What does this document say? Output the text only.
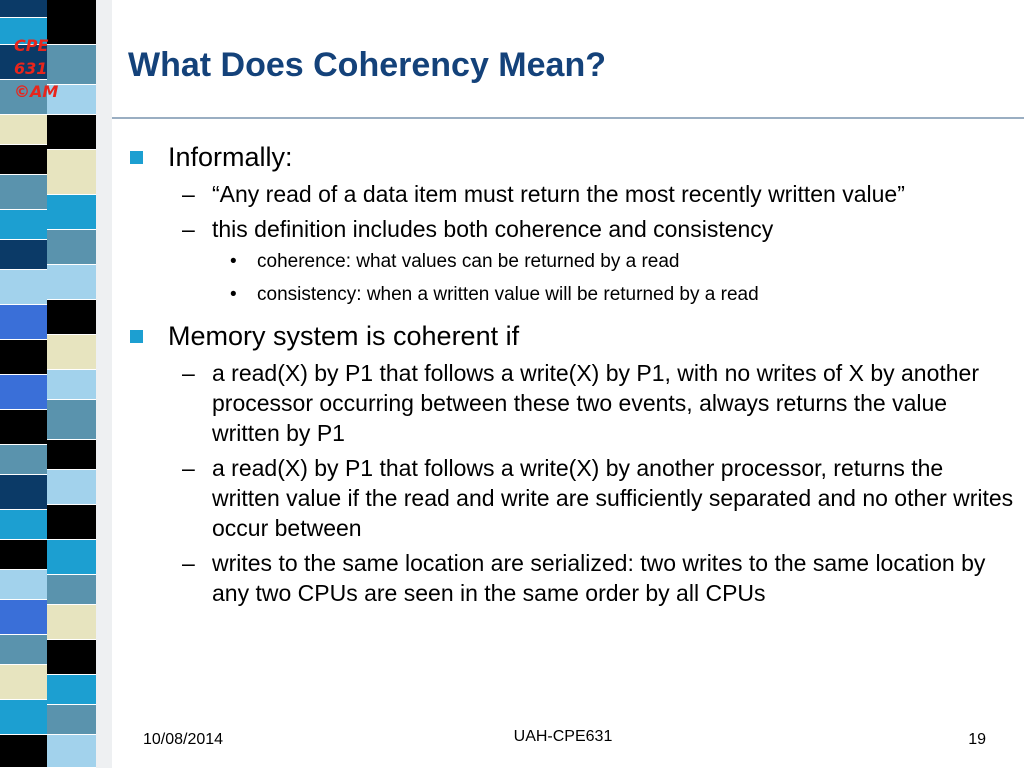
CPE
631
©AM
What Does Coherency Mean?
Informally:
– “Any read of a data item must return the most recently written value”
– this definition includes both coherence and consistency
• coherence: what values can be returned by a read
• consistency: when a written value will be returned by a read
Memory system is coherent if
– a read(X) by P1 that follows a write(X) by P1, with no writes of X by another processor occurring between these two events, always returns the value written by P1
– a read(X) by P1 that follows a write(X) by another processor, returns the written value if the read and write are sufficiently separated and no other writes occur between
– writes to the same location are serialized: two writes to the same location by any two CPUs are seen in the same order by all CPUs
10/08/2014	UAH-CPE631	19
